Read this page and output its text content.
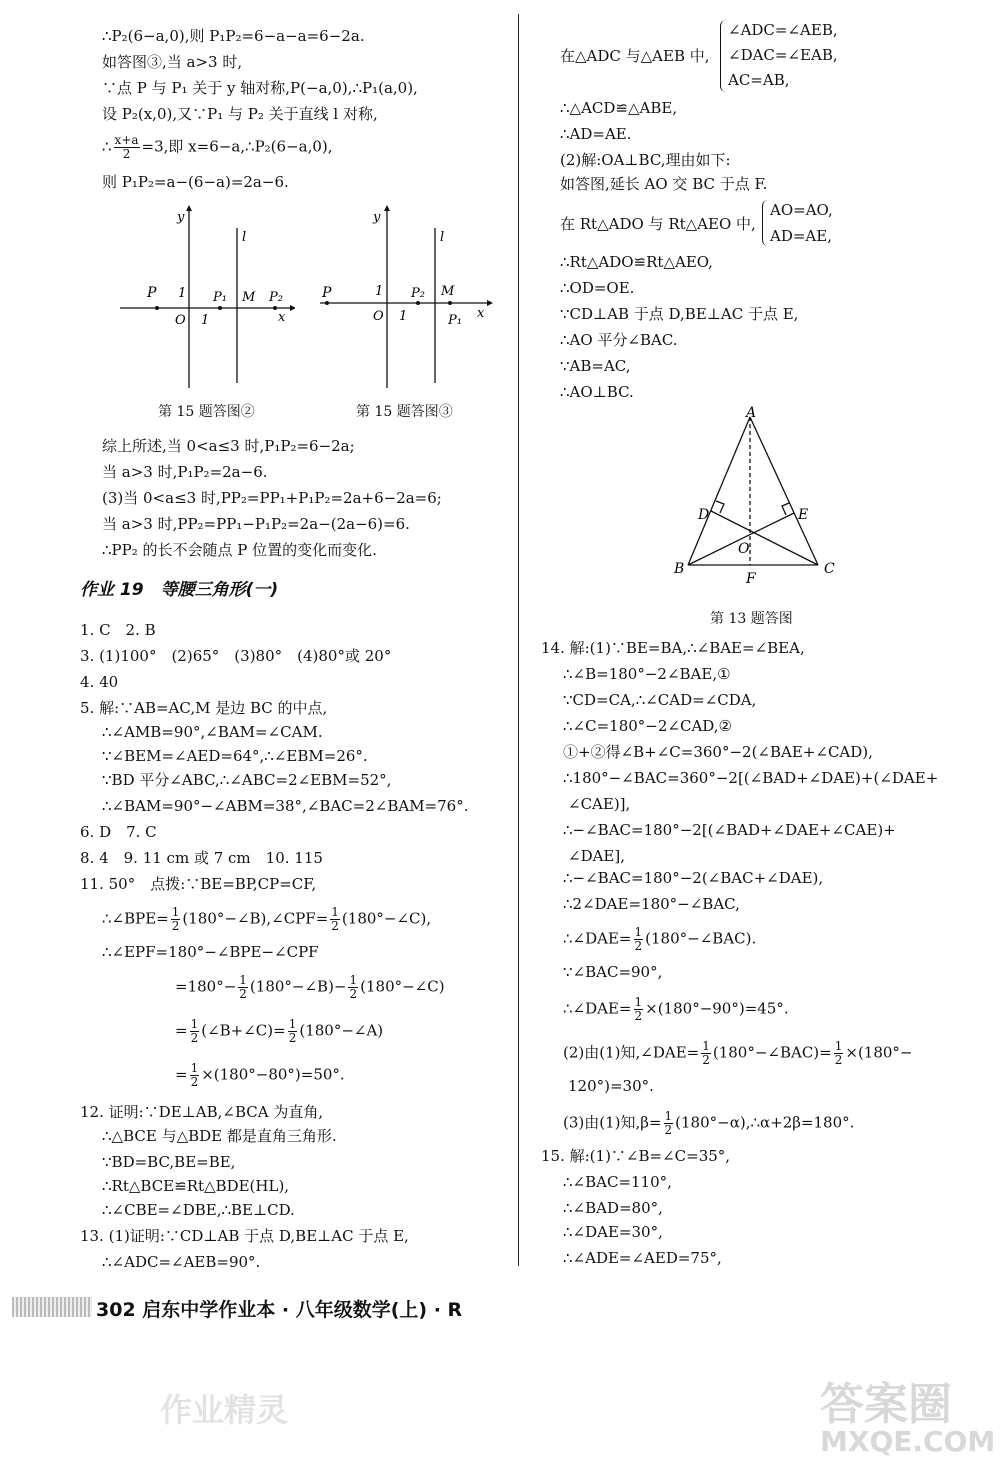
∴P₂(6−a,0),则 P₁P₂=6−a−a=6−2a.
如答图③,当 a>3 时,
∵点 P 与 P₁ 关于 y 轴对称,P(−a,0),∴P₁(a,0),
设 P₂(x,0),又∵P₁ 与 P₂ 关于直线 l 对称,
∴ $\frac{x+a}{2} =3$,即 x=6−a,∴P₂(6−a,0),
则 P₁P₂=a−(6−a)=2a−6.
y
l
P 1 P₁ M P₂
O 1	x
第 15 题答图②
y
l
P	1 P₂ M
O 1	P₁ x
第 15 题答图③
综上所述,当 0<a≤3 时,P₁P₂=6−2a;
当 a>3 时,P₁P₂=2a−6.
(3)当 0<a≤3 时,PP₂=PP₁+P₁P₂=2a+6−2a=6;
当 a>3 时,PP₂=PP₁−P₁P₂=2a−(2a−6)=6.
∴PP₂ 的长不会随点 P 位置的变化而变化.
作业 19　等腰三角形(一)
1. C　2. B
3. (1)100°　(2)65°　(3)80°　(4)80°或 20°
4. 40
5. 解:∵AB=AC,M 是边 BC 的中点,
∴∠AMB=90°,∠BAM=∠CAM.
∵∠BEM=∠AED=64°,∴∠EBM=26°.
∵BD 平分∠ABC,∴∠ABC=2∠EBM=52°,
∴∠BAM=90°−∠ABM=38°,∠BAC=2∠BAM=76°.
6. D　7. C
8. 4　9. 11 cm 或 7 cm　10. 115
11. 50°　点拨:∵BE=BP,CP=CF,
∴∠BPE= $\frac{1}{2}$ (180°−∠B),∠CPF= $\frac{1}{2}$ (180°−∠C),
∴∠EPF=180°−∠BPE−∠CPF
$=180^\circ- \frac{1}{2}$ (180°−∠B)− $\frac{1}{2}$ (180°−∠C)
= $\frac{1}{2}$ (∠B+∠C)= $\frac{1}{2}$ (180°−∠A)
= $\frac{1}{2} \times(180^\circ-80^\circ)=50^\circ$.
12. 证明:∵DE⊥AB,∠BCA 为直角,
∴△BCE 与△BDE 都是直角三角形.
∵BD=BC,BE=BE,
∴Rt△BCE≌Rt△BDE(HL),
∴∠CBE=∠DBE,∴BE⊥CD.
13. (1)证明:∵CD⊥AB 于点 D,BE⊥AC 于点 E,
∴∠ADC=∠AEB=90°.
在△ADC 与△AEB 中,
∠ADC=∠AEB,
∠DAC=∠EAB,
AC=AB,
∴△ACD≌△ABE,
∴AD=AE.
(2)解:OA⊥BC,理由如下:
如答图,延长 AO 交 BC 于点 F.
在 Rt△ADO 与 Rt△AEO 中,
AO=AO,
AD=AE,
∴Rt△ADO≌Rt△AEO,
∴OD=OE.
∵CD⊥AB 于点 D,BE⊥AC 于点 E,
∴AO 平分∠BAC.
∵AB=AC,
∴AO⊥BC.
A
B	C
D	E
O
F
第 13 题答图
14. 解:(1)∵BE=BA,∴∠BAE=∠BEA,
∴∠B=180°−2∠BAE,①
∵CD=CA,∴∠CAD=∠CDA,
∴∠C=180°−2∠CAD,②
①+②得∠B+∠C=360°−2(∠BAE+∠CAD),
∴180°−∠BAC=360°−2[(∠BAD+∠DAE)+(∠DAE+
∠CAE)],
∴−∠BAC=180°−2[(∠BAD+∠DAE+∠CAE)+
∠DAE],
∴−∠BAC=180°−2(∠BAC+∠DAE),
∴2∠DAE=180°−∠BAC,
∴∠DAE= $\frac{1}{2}$ (180°−∠BAC).
∵∠BAC=90°,
∴∠DAE= $\frac{1}{2} \times(180^\circ-90^\circ)=45^\circ$.
(2)由(1)知,∠DAE= $\frac{1}{2}$ (180°−∠BAC)= $\frac{1}{2} \times(180^\circ-$
120°)=30°.
(3)由(1)知$,\beta= \frac{1}{2}$ (180°−α),∴α+2β=180°.
15. 解:(1)∵∠B=∠C=35°,
∴∠BAC=110°,
∴∠BAD=80°,
∴∠DAE=30°,
∴∠ADE=∠AED=75°,
302 启东中学作业本 · 八年级数学(上) · R
作业精灵	答案圈
MXQE.COM
